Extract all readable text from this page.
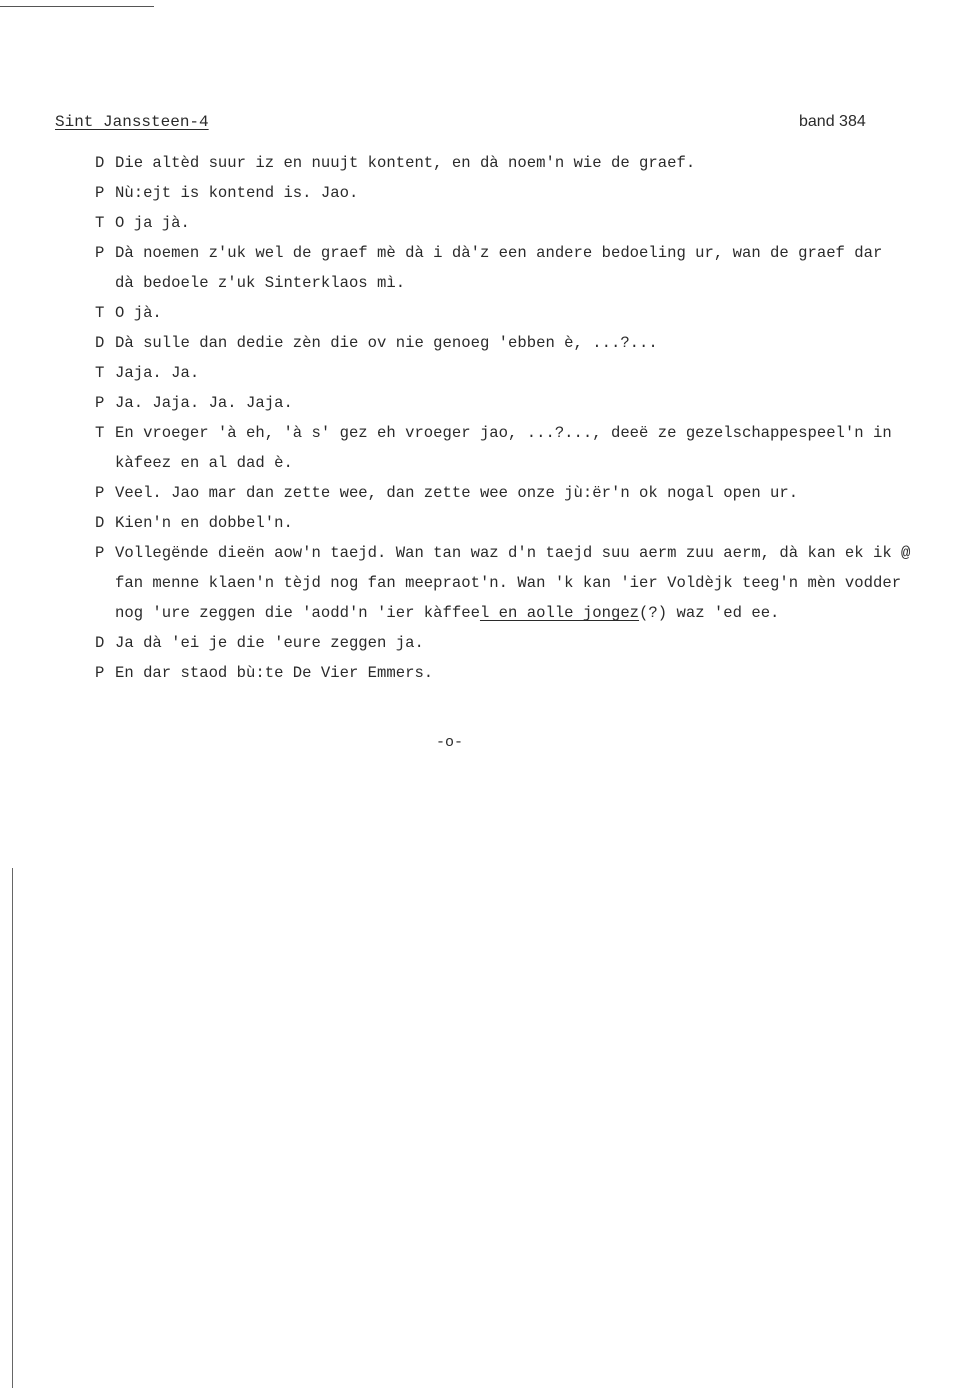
Sint Janssteen-4	band 384
D Die altèd suur iz en nuujt kontent, en dà noem'n wie de graef.
P Nù:ejt is kontend is. Jao.
T O ja jà.
P Dà noemen z'uk wel de graef mè dà i dà'z een andere bedoeling ur, wan de graef dar
dà bedoele z'uk Sinterklaos mì.
T O jà.
D Dà sulle dan dedie zèn die ov nie genoeg 'ebben è, ...?...
T Jaja. Ja.
P Ja. Jaja. Ja. Jaja.
T En vroeger 'à eh, 'à s' gez eh vroeger jao, ...?..., deeë ze gezelschappespeel'n in
kàfeez en al dad è.
P Veel. Jao mar dan zette wee, dan zette wee onze jù:ër'n ok nogal open ur.
D Kien'n en dobbel'n.
P Vollegënde dieën aow'n taejd. Wan tan waz d'n taejd suu aerm zuu aerm, dà kan ek ik @
fan menne klaen'n tèjd nog fan meepraot'n. Wan 'k kan 'ier Voldèjk teeg'n mèn vodder
nog 'ure zeggen die 'aodd'n 'ier kàffee l en aolle jongez (?) waz 'ed ee.
D Ja dà 'ei je die 'eure zeggen ja.
P En dar staod bù:te De Vier Emmers.
-o-
